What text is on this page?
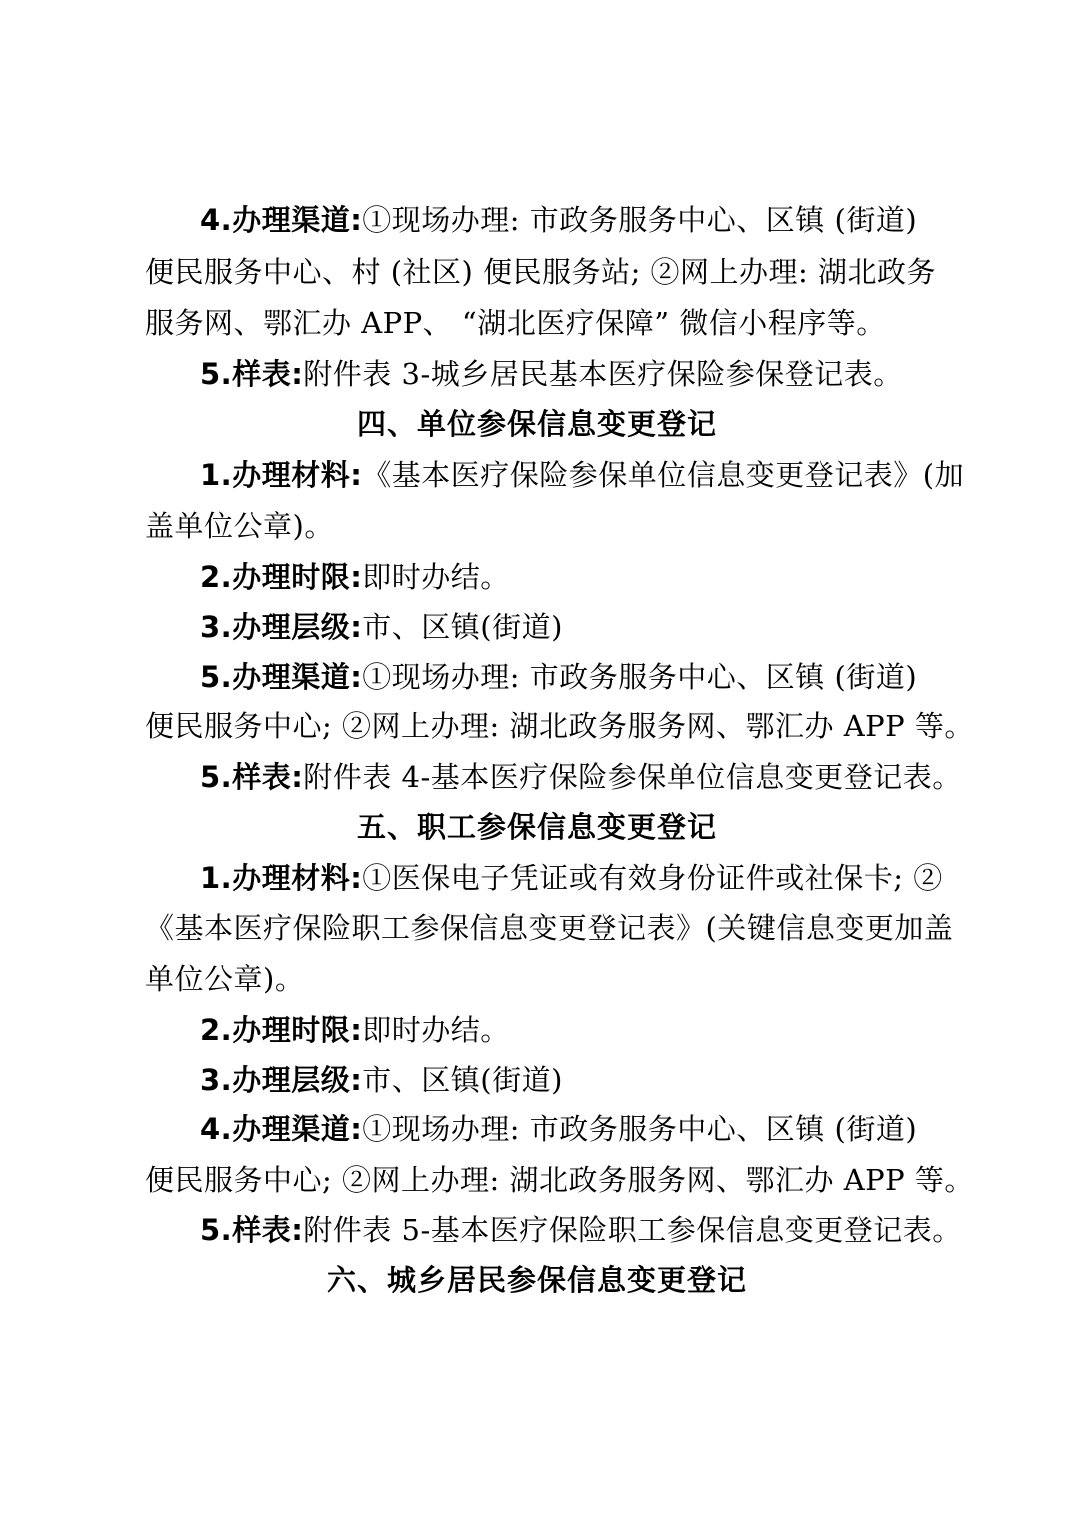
4.办理渠道:①现场办理: 市政务服务中心、区镇 (街道)
便民服务中心、村 (社区) 便民服务站; ②网上办理: 湖北政务
服务网、鄂汇办 APP、 “湖北医疗保障” 微信小程序等。
5.样表:附件表 3-城乡居民基本医疗保险参保登记表。
四、单位参保信息变更登记
1.办理材料:《基本医疗保险参保单位信息变更登记表》(加
盖单位公章)。
2.办理时限:即时办结。
3.办理层级:市、区镇(街道)
5.办理渠道:①现场办理: 市政务服务中心、区镇 (街道)
便民服务中心; ②网上办理: 湖北政务服务网、鄂汇办 APP 等。
5.样表:附件表 4-基本医疗保险参保单位信息变更登记表。
五、职工参保信息变更登记
1.办理材料:①医保电子凭证或有效身份证件或社保卡; ②
《基本医疗保险职工参保信息变更登记表》(关键信息变更加盖
单位公章)。
2.办理时限:即时办结。
3.办理层级:市、区镇(街道)
4.办理渠道:①现场办理: 市政务服务中心、区镇 (街道)
便民服务中心; ②网上办理: 湖北政务服务网、鄂汇办 APP 等。
5.样表:附件表 5-基本医疗保险职工参保信息变更登记表。
六、城乡居民参保信息变更登记
